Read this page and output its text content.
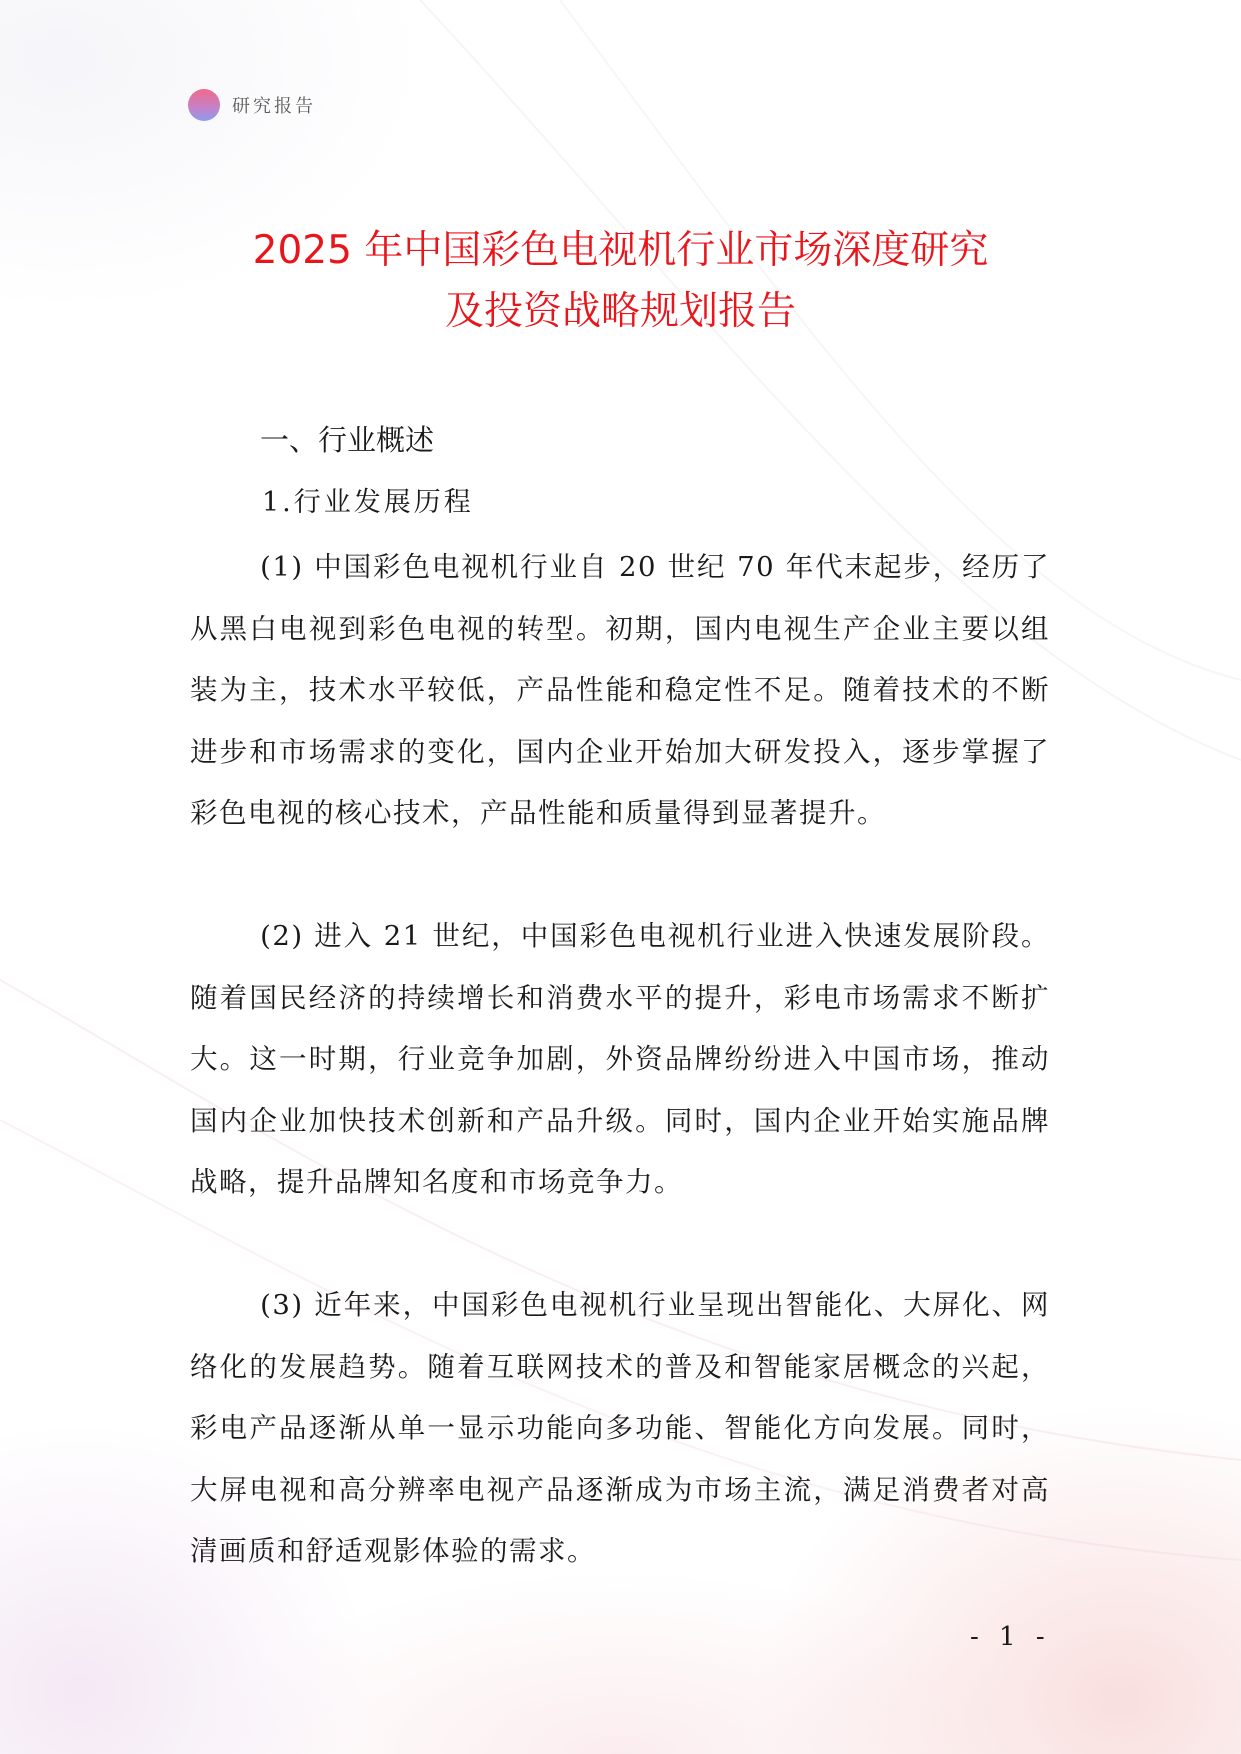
研究报告
2025 年中国彩色电视机行业市场深度研究
及投资战略规划报告
一、行业概述
1.行业发展历程

(1) 中国彩色电视机行业自 20 世纪 70 年代末起步，经历了从黑白电视到彩色电视的转型。初期，国内电视生产企业主要以组装为主，技术水平较低，产品性能和稳定性不足。随着技术的不断进步和市场需求的变化，国内企业开始加大研发投入，逐步掌握了彩色电视的核心技术，产品性能和质量得到显著提升。

(2) 进入 21 世纪，中国彩色电视机行业进入快速发展阶段。随着国民经济的持续增长和消费水平的提升，彩电市场需求不断扩大。这一时期，行业竞争加剧，外资品牌纷纷进入中国市场，推动国内企业加快技术创新和产品升级。同时，国内企业开始实施品牌战略，提升品牌知名度和市场竞争力。

(3) 近年来，中国彩色电视机行业呈现出智能化、大屏化、网络化的发展趋势。随着互联网技术的普及和智能家居概念的兴起，彩电产品逐渐从单一显示功能向多功能、智能化方向发展。同时，大屏电视和高分辨率电视产品逐渐成为市场主流，满足消费者对高清画质和舒适观影体验的需求。

- 1 -
